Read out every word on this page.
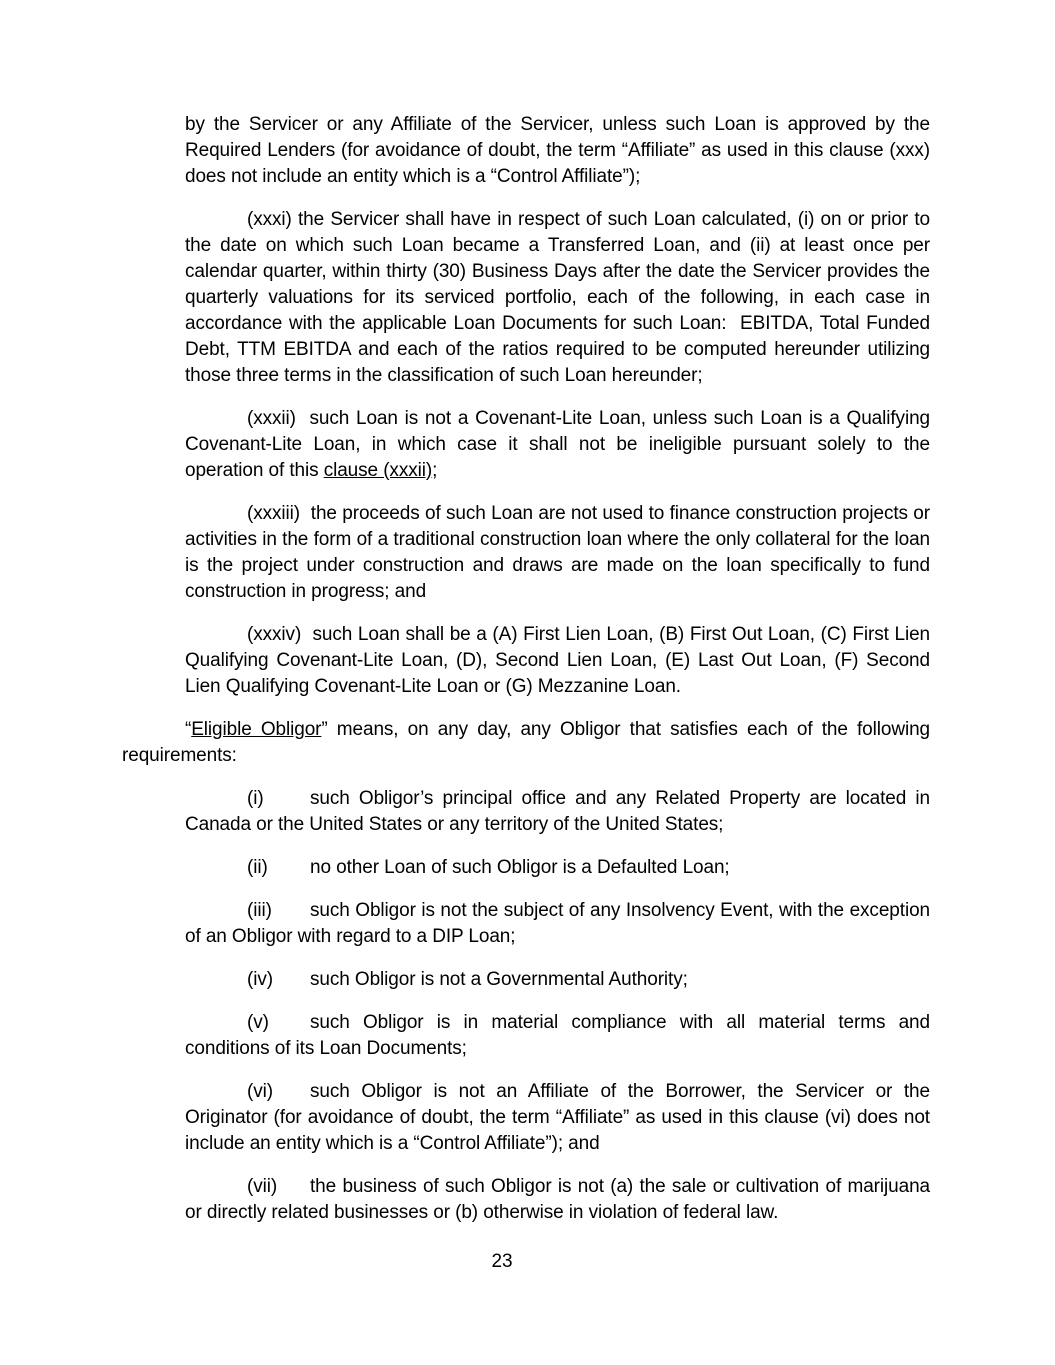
by the Servicer or any Affiliate of the Servicer, unless such Loan is approved by the Required Lenders (for avoidance of doubt, the term “Affiliate” as used in this clause (xxx) does not include an entity which is a “Control Affiliate”);

(xxxi) the Servicer shall have in respect of such Loan calculated, (i) on or prior to the date on which such Loan became a Transferred Loan, and (ii) at least once per calendar quarter, within thirty (30) Business Days after the date the Servicer provides the quarterly valuations for its serviced portfolio, each of the following, in each case in accordance with the applicable Loan Documents for such Loan:  EBITDA, Total Funded Debt, TTM EBITDA and each of the ratios required to be computed hereunder utilizing those three terms in the classification of such Loan hereunder;

(xxxii)  such Loan is not a Covenant-Lite Loan, unless such Loan is a Qualifying Covenant-Lite Loan, in which case it shall not be ineligible pursuant solely to the operation of this clause (xxxii);

(xxxiii)  the proceeds of such Loan are not used to finance construction projects or activities in the form of a traditional construction loan where the only collateral for the loan is the project under construction and draws are made on the loan specifically to fund construction in progress; and

(xxxiv)  such Loan shall be a (A) First Lien Loan, (B) First Out Loan, (C) First Lien Qualifying Covenant-Lite Loan, (D), Second Lien Loan, (E) Last Out Loan, (F) Second Lien Qualifying Covenant-Lite Loan or (G) Mezzanine Loan.

“Eligible Obligor” means, on any day, any Obligor that satisfies each of the following requirements:

(i) such Obligor’s principal office and any Related Property are located in Canada or the United States or any territory of the United States;

(ii) no other Loan of such Obligor is a Defaulted Loan;

(iii) such Obligor is not the subject of any Insolvency Event, with the exception of an Obligor with regard to a DIP Loan;

(iv) such Obligor is not a Governmental Authority;

(v) such Obligor is in material compliance with all material terms and conditions of its Loan Documents;

(vi) such Obligor is not an Affiliate of the Borrower, the Servicer or the Originator (for avoidance of doubt, the term “Affiliate” as used in this clause (vi) does not include an entity which is a “Control Affiliate”); and

(vii) the business of such Obligor is not (a) the sale or cultivation of marijuana or directly related businesses or (b) otherwise in violation of federal law.

23
